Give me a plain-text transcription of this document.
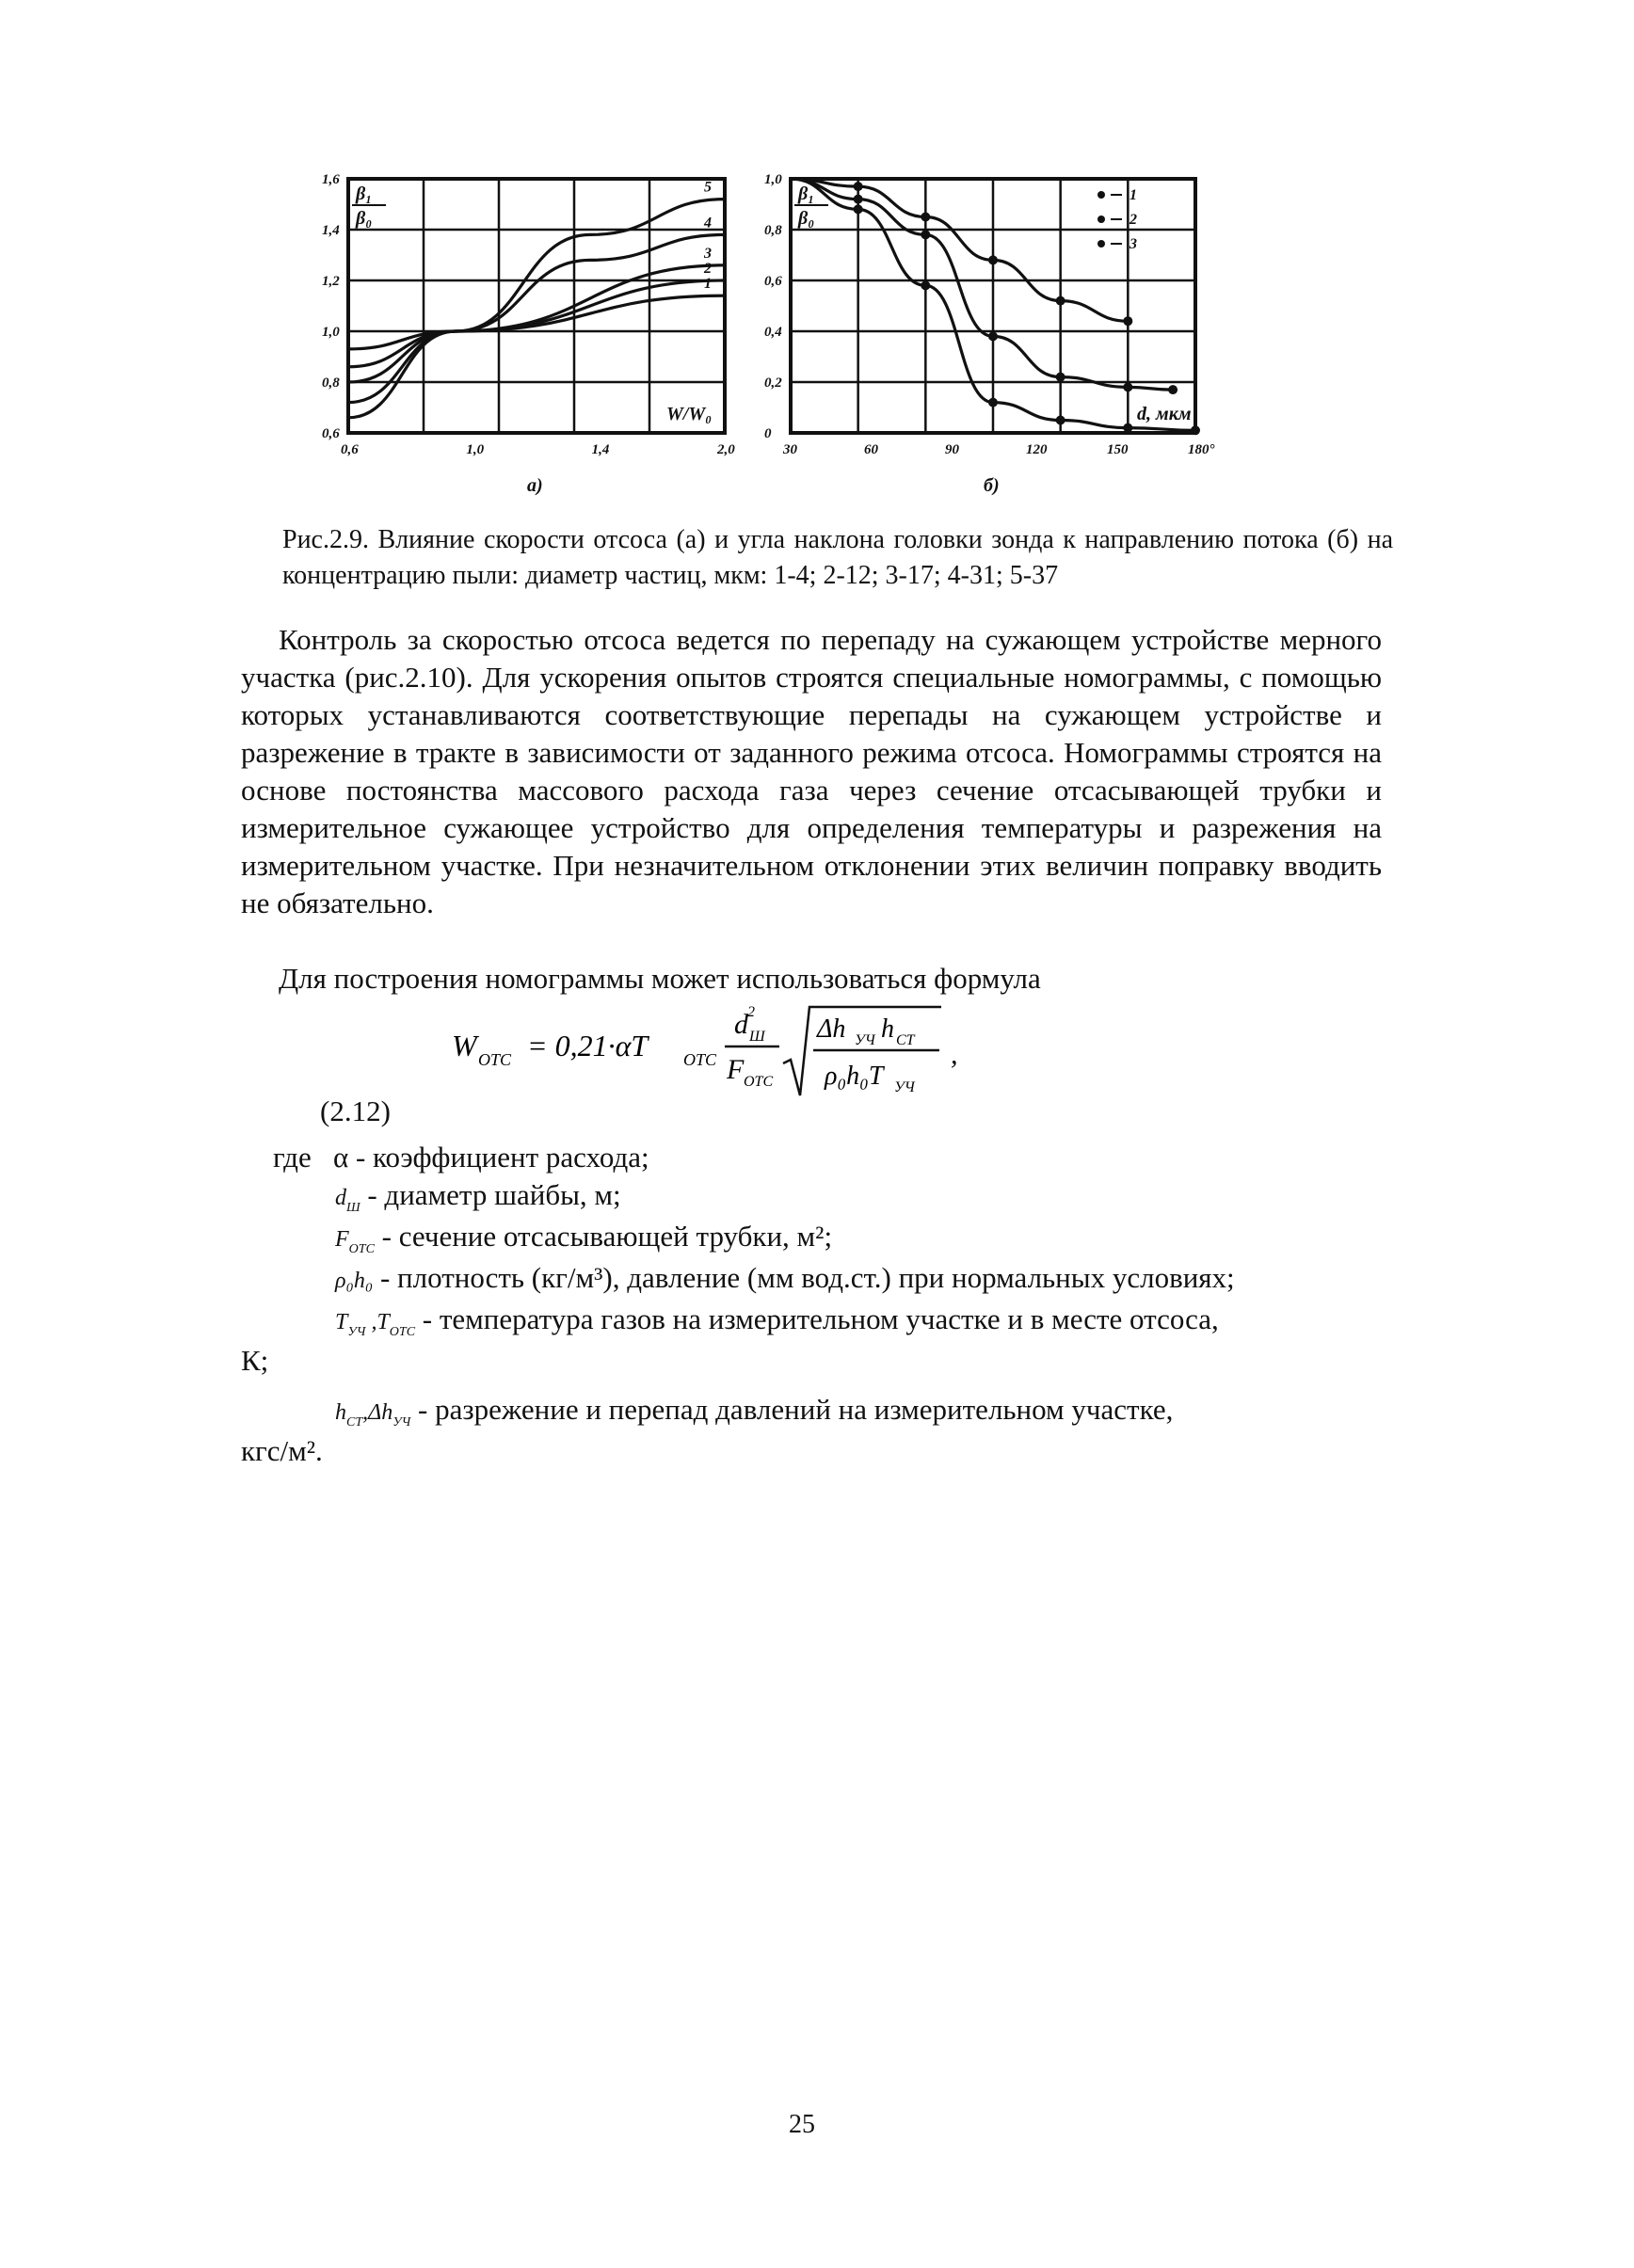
1,6
1,4
1,2
1,0
0,8
0,6
0,6	1,0	1,4	2,0
β₁
β₀
W/W₀
а)
1
2
3
4
5	1,0
0,8
0,6
0,4
0,2
0
30	60	90	120	150	180°
β₁
β₀
d, мкм
б)
1
2
3
Рис.2.9. Влияние скорости отсоса (а) и угла наклона головки зонда к направлению потока (б) на концентрацию пыли: диаметр частиц, мкм: 1-4; 2-12; 3-17; 4-31; 5-37
Контроль за скоростью отсоса ведется по перепаду на сужающем устройстве мерного участка (рис.2.10). Для ускорения опытов строятся специальные номограммы, с помощью которых устанавливаются соответствующие перепады на сужающем устройстве и разрежение в тракте в зависимости от заданного режима отсоса. Номограммы строятся на основе постоянства массового расхода газа через сечение отсасывающей трубки и измерительное сужающее устройство для определения температуры и разрежения на измерительном участке. При незначительном отклонении этих величин поправку вводить не обязательно.
Для построения номограммы может использоваться формула
W ОТС = 0,21·αT ОТС
d 2
Ш
F ОТС
Δh УЧ h СТ
ρ₀h₀T УЧ
,
(2.12)
где α - коэффициент расхода;
$d_Ш$ - диаметр шайбы, м;
$F_{ОТС}$ - сечение отсасывающей трубки, м²;
ρ₀h₀ - плотность (кг/м³), давление (мм вод.ст.) при нормальных условиях;
$T_{УЧ}$ $,T_{ОТС}$ - температура газов на измерительном участке и в месте отсоса,
К;
$h_{СТ},\Delta h_{УЧ}$ - разрежение и перепад давлений на измерительном участке,
кгс/м².
25
